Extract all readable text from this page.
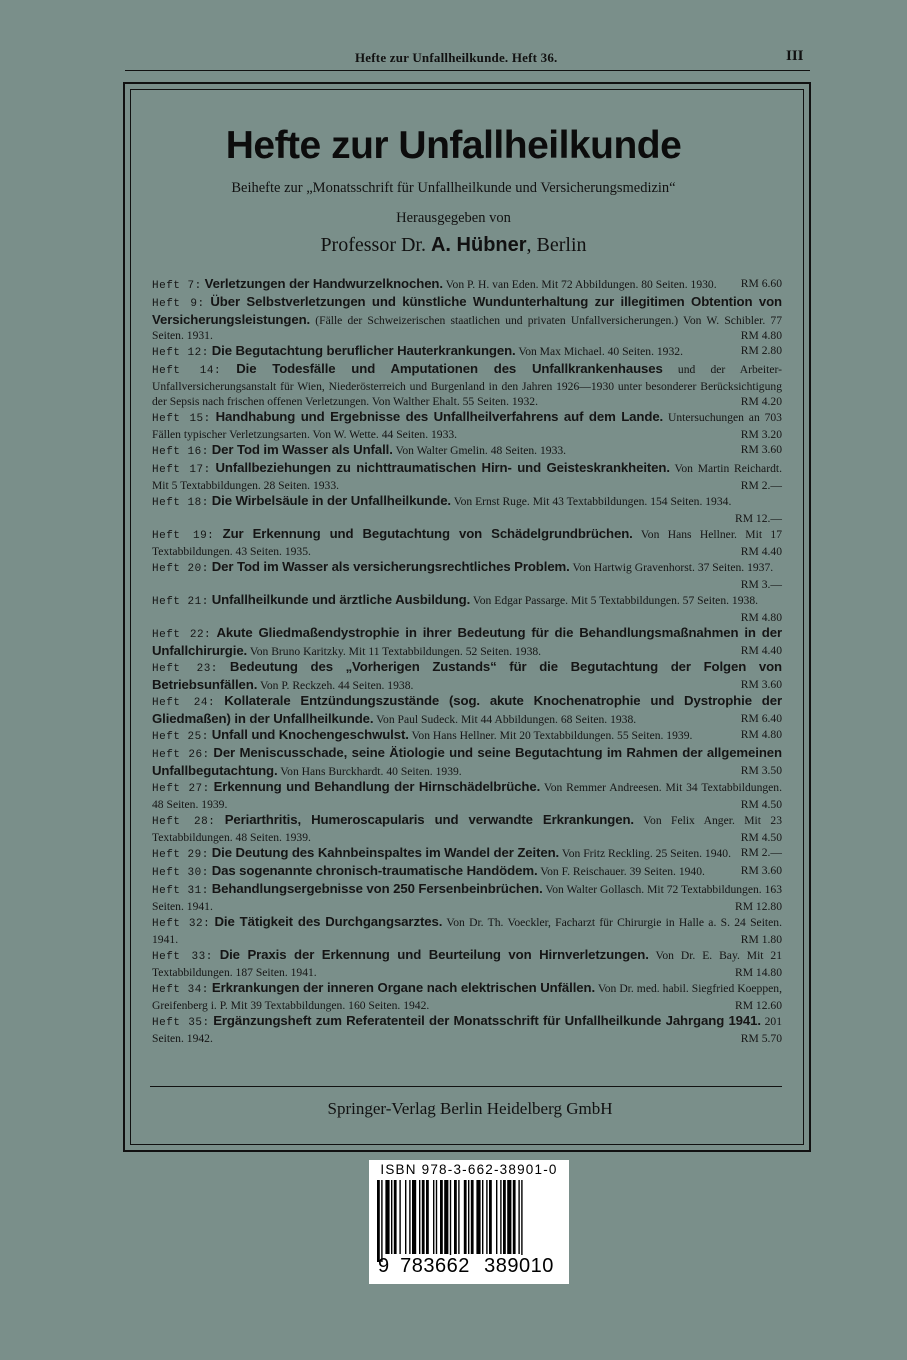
Hefte zur Unfallheilkunde. Heft 36.	III
Hefte zur Unfallheilkunde
Beihefte zur „Monatsschrift für Unfallheilkunde und Versicherungsmedizin“
Herausgegeben von
Professor Dr. A. Hübner, Berlin
Heft 7: Verletzungen der Handwurzelknochen. Von P. H. van Eden. Mit 72 Abbildungen. 80 Seiten. 1930. RM 6.60
Heft 9: Über Selbstverletzungen und künstliche Wundunterhaltung zur illegitimen Obtention von Versicherungsleistungen. (Fälle der Schweizerischen staatlichen und privaten Unfallversicherungen.) Von W. Schibler. 77 Seiten. 1931.	RM 4.80
Heft 12: Die Begutachtung beruflicher Hauterkrankungen. Von Max Michael. 40 Seiten. 1932.	RM 2.80
Heft 14: Die Todesfälle und Amputationen des Unfallkrankenhauses und der Arbeiter-Unfallversicherungsanstalt für Wien, Niederösterreich und Burgenland in den Jahren 1926—1930 unter besonderer Berücksichtigung der Sepsis nach frischen offenen Verletzungen. Von Walther Ehalt. 55 Seiten. 1932.	RM 4.20
Heft 15: Handhabung und Ergebnisse des Unfallheilverfahrens auf dem Lande. Untersuchungen an 703 Fällen typischer Verletzungsarten. Von W. Wette. 44 Seiten. 1933.	RM 3.20
Heft 16: Der Tod im Wasser als Unfall. Von Walter Gmelin. 48 Seiten. 1933.	RM 3.60
Heft 17: Unfallbeziehungen zu nichttraumatischen Hirn- und Geisteskrankheiten. Von Martin Reichardt. Mit 5 Textabbildungen. 28 Seiten. 1933.	RM 2.—
Heft 18: Die Wirbelsäule in der Unfallheilkunde. Von Ernst Ruge. Mit 43 Textabbildungen. 154 Seiten. 1934.
RM 12.—
Heft 19: Zur Erkennung und Begutachtung von Schädelgrundbrüchen. Von Hans Hellner. Mit 17 Textabbildungen. 43 Seiten. 1935.	RM 4.40
Heft 20: Der Tod im Wasser als versicherungsrechtliches Problem. Von Hartwig Gravenhorst. 37 Seiten. 1937.
RM 3.—
Heft 21: Unfallheilkunde und ärztliche Ausbildung. Von Edgar Passarge. Mit 5 Textabbildungen. 57 Seiten. 1938.
RM 4.80
Heft 22: Akute Gliedmaßendystrophie in ihrer Bedeutung für die Behandlungsmaßnahmen in der Unfallchirurgie. Von Bruno Karitzky. Mit 11 Textabbildungen. 52 Seiten. 1938.	RM 4.40
Heft 23: Bedeutung des „Vorherigen Zustands“ für die Begutachtung der Folgen von Betriebsunfällen. Von P. Reckzeh. 44 Seiten. 1938.	RM 3.60
Heft 24: Kollaterale Entzündungszustände (sog. akute Knochenatrophie und Dystrophie der Gliedmaßen) in der Unfallheilkunde. Von Paul Sudeck. Mit 44 Abbildungen. 68 Seiten. 1938.	RM 6.40
Heft 25: Unfall und Knochengeschwulst. Von Hans Hellner. Mit 20 Textabbildungen. 55 Seiten. 1939.	RM 4.80
Heft 26: Der Meniscusschade, seine Ätiologie und seine Begutachtung im Rahmen der allgemeinen Unfallbegutachtung. Von Hans Burckhardt. 40 Seiten. 1939.	RM 3.50
Heft 27: Erkennung und Behandlung der Hirnschädelbrüche. Von Remmer Andreesen. Mit 34 Textabbildungen. 48 Seiten. 1939.	RM 4.50
Heft 28: Periarthritis, Humeroscapularis und verwandte Erkrankungen. Von Felix Anger. Mit 23 Textabbildungen. 48 Seiten. 1939.	RM 4.50
Heft 29: Die Deutung des Kahnbeinspaltes im Wandel der Zeiten. Von Fritz Reckling. 25 Seiten. 1940. RM 2.—
Heft 30: Das sogenannte chronisch-traumatische Handödem. Von F. Reischauer. 39 Seiten. 1940.	RM 3.60
Heft 31: Behandlungsergebnisse von 250 Fersenbeinbrüchen. Von Walter Gollasch. Mit 72 Textabbildungen. 163 Seiten. 1941.	RM 12.80
Heft 32: Die Tätigkeit des Durchgangsarztes. Von Dr. Th. Voeckler, Facharzt für Chirurgie in Halle a. S. 24 Seiten. 1941.	RM 1.80
Heft 33: Die Praxis der Erkennung und Beurteilung von Hirnverletzungen. Von Dr. E. Bay. Mit 21 Textabbildungen. 187 Seiten. 1941.	RM 14.80
Heft 34: Erkrankungen der inneren Organe nach elektrischen Unfällen. Von Dr. med. habil. Siegfried Koeppen, Greifenberg i. P. Mit 39 Textabbildungen. 160 Seiten. 1942.	RM 12.60
Heft 35: Ergänzungsheft zum Referatenteil der Monatsschrift für Unfallheilkunde Jahrgang 1941. 201 Seiten. 1942.	RM 5.70
Springer-Verlag Berlin Heidelberg GmbH
ISBN 978-3-662-38901-0
9 783662 389010
